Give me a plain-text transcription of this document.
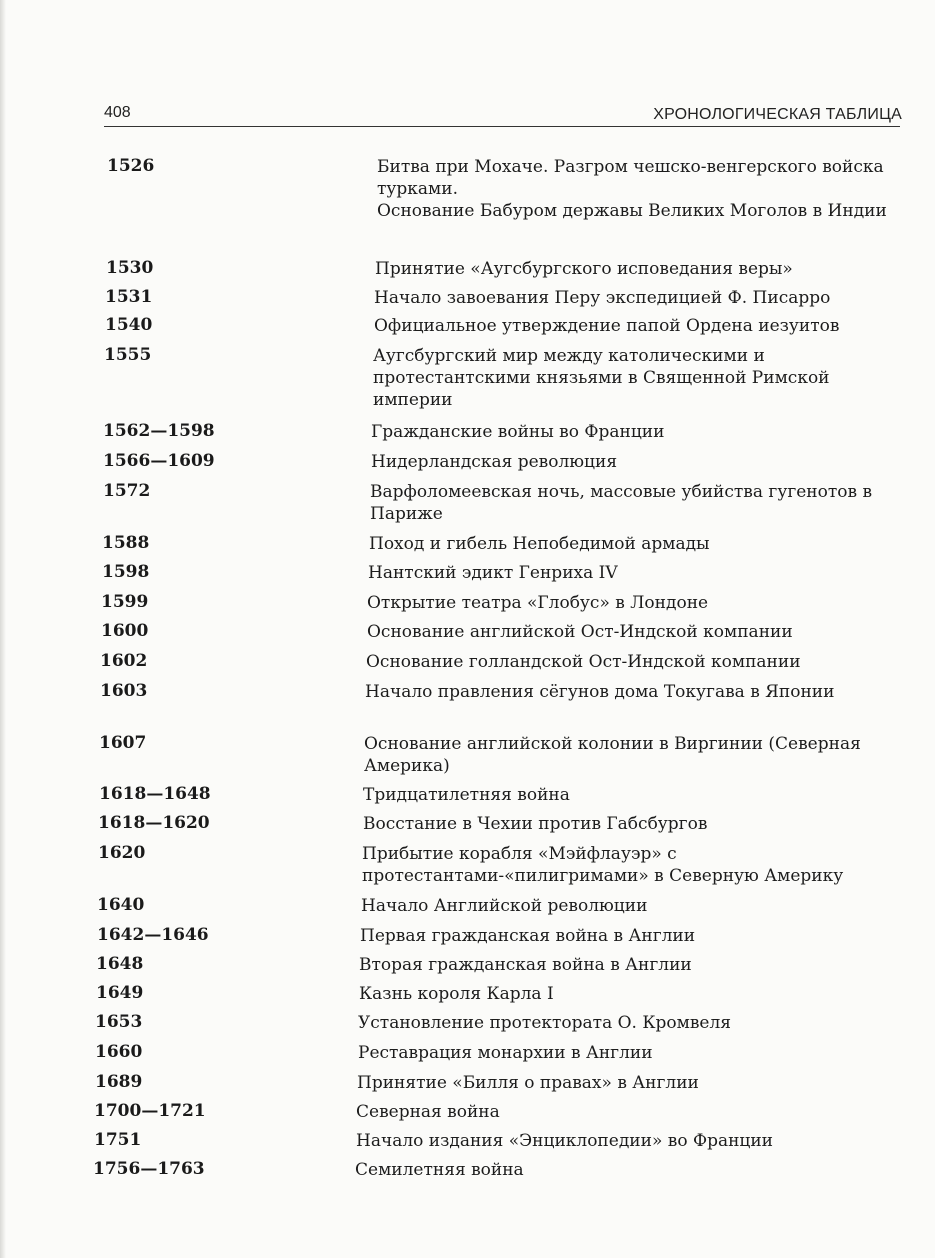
408	ХРОНОЛОГИЧЕСКАЯ ТАБЛИЦА
1526	Битва при Мохаче. Разгром чешско-венгерского войска турками.

Основание Бабуром державы Великих Моголов в Индии

1530	Принятие «Аугсбургского исповедания веры»

1531	Начало завоевания Перу экспедицией Ф. Писарро

1540	Официальное утверждение папой Ордена иезуитов

1555	Аугсбургский мир между католическими и протестантскими князьями в Священной Римской империи

1562—1598	Гражданские войны во Франции

1566—1609	Нидерландская революция

1572	Варфоломеевская ночь, массовые убийства гугенотов в Париже

1588	Поход и гибель Непобедимой армады

1598	Нантский эдикт Генриха IV

1599	Открытие театра «Глобус» в Лондоне

1600	Основание английской Ост-Индской компании

1602	Основание голландской Ост-Индской компании

1603	Начало правления сёгунов дома Токугава в Японии

1607	Основание английской колонии в Виргинии (Северная Америка)

1618—1648	Тридцатилетняя война

1618—1620	Восстание в Чехии против Габсбургов

1620	Прибытие корабля «Мэйфлауэр» с протестантами-«пилигримами» в Северную Америку

1640	Начало Английской революции

1642—1646	Первая гражданская война в Англии

1648	Вторая гражданская война в Англии

1649	Казнь короля Карла I

1653	Установление протектората О. Кромвеля

1660	Реставрация монархии в Англии

1689	Принятие «Билля о правах» в Англии

1700—1721	Северная война

1751	Начало издания «Энциклопедии» во Франции

1756—1763	Семилетняя война
